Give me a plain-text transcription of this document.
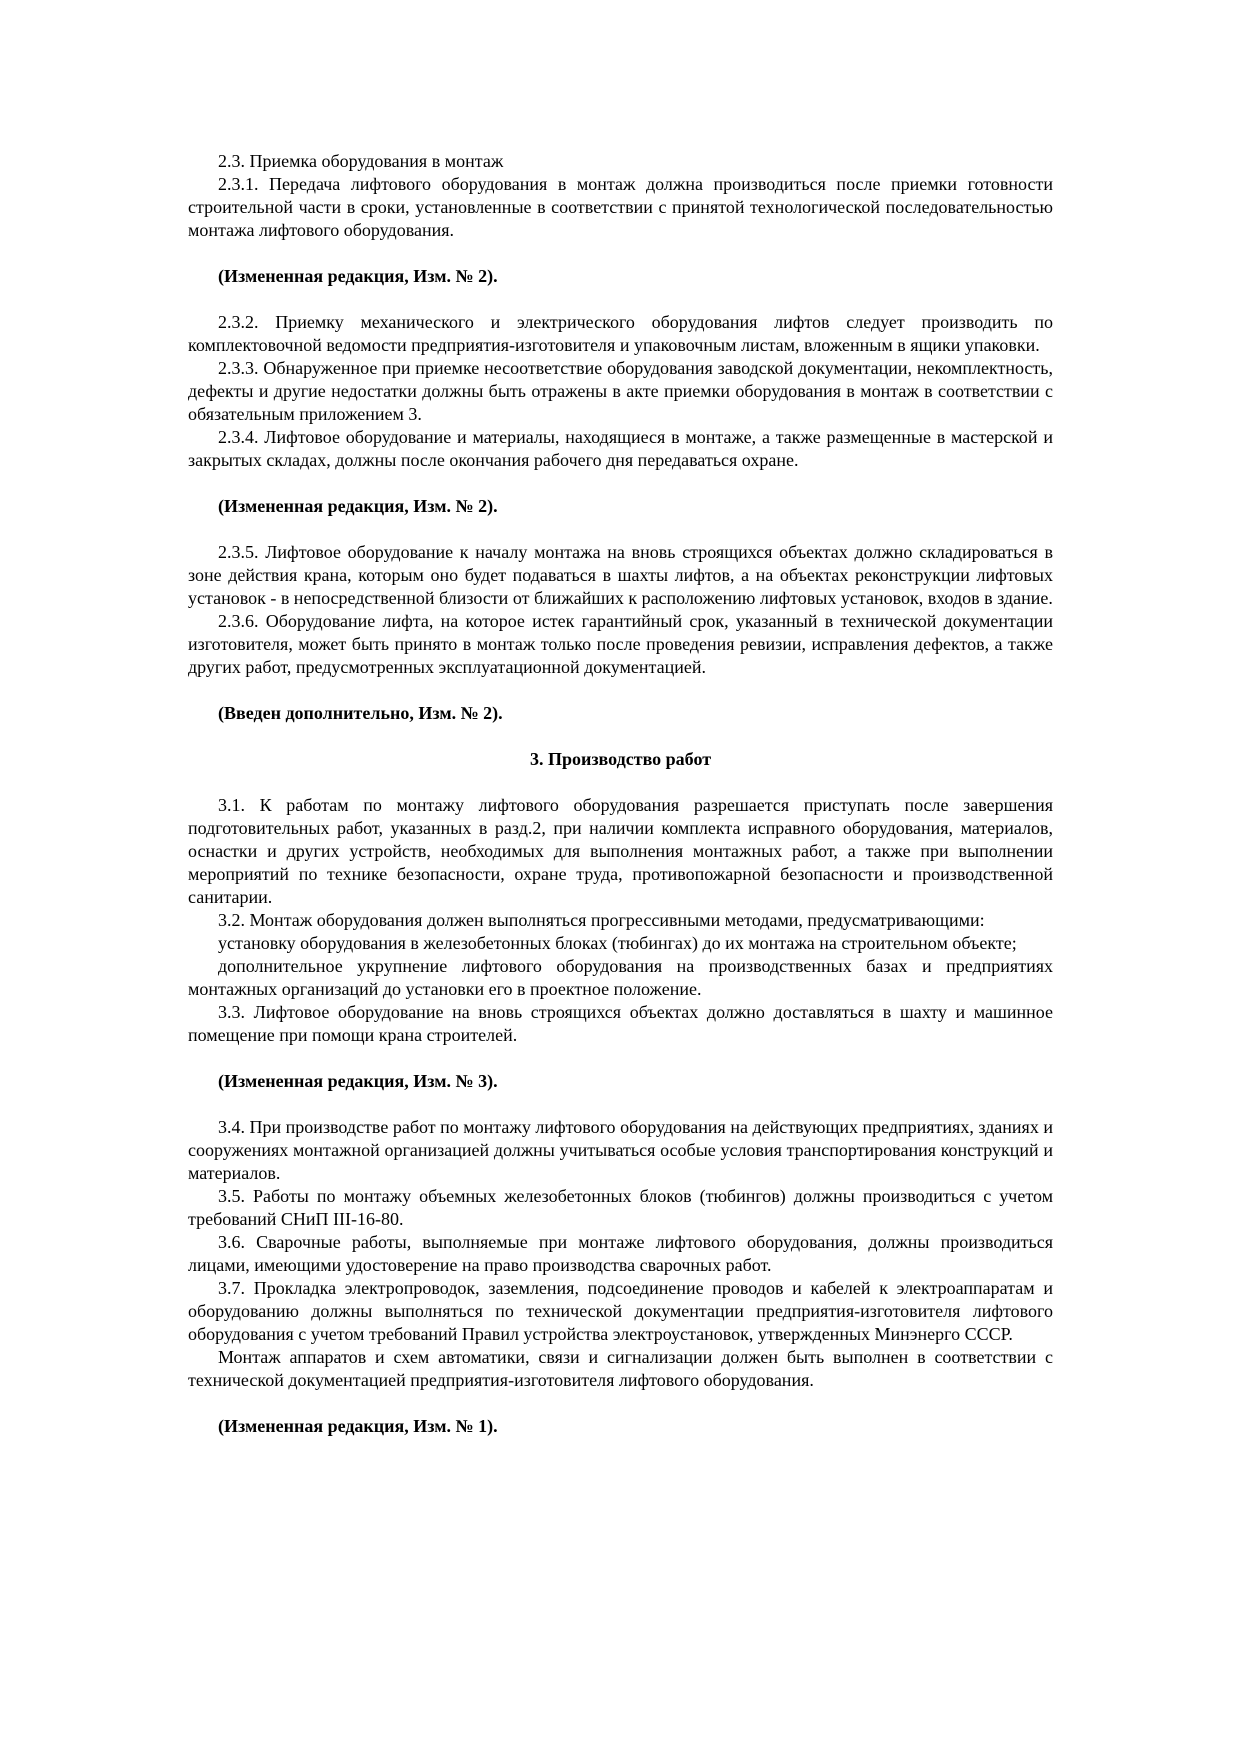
2.3. Приемка оборудования в монтаж

2.3.1. Передача лифтового оборудования в монтаж должна производиться после приемки готовности строительной части в сроки, установленные в соответствии с принятой технологической последовательностью монтажа лифтового оборудования.

(Измененная редакция, Изм. № 2).

2.3.2. Приемку механического и электрического оборудования лифтов следует производить по комплектовочной ведомости предприятия-изготовителя и упаковочным листам, вложенным в ящики упаковки.

2.3.3. Обнаруженное при приемке несоответствие оборудования заводской документации, некомплектность, дефекты и другие недостатки должны быть отражены в акте приемки оборудования в монтаж в соответствии с обязательным приложением 3.

2.3.4. Лифтовое оборудование и материалы, находящиеся в монтаже, а также размещенные в мастерской и закрытых складах, должны после окончания рабочего дня передаваться охране.

(Измененная редакция, Изм. № 2).

2.3.5. Лифтовое оборудование к началу монтажа на вновь строящихся объектах должно складироваться в зоне действия крана, которым оно будет подаваться в шахты лифтов, а на объектах реконструкции лифтовых установок - в непосредственной близости от ближайших к расположению лифтовых установок, входов в здание.

2.3.6. Оборудование лифта, на которое истек гарантийный срок, указанный в технической документации изготовителя, может быть принято в монтаж только после проведения ревизии, исправления дефектов, а также других работ, предусмотренных эксплуатационной документацией.

(Введен дополнительно, Изм. № 2).

3. Производство работ

3.1. К работам по монтажу лифтового оборудования разрешается приступать после завершения подготовительных работ, указанных в разд.2, при наличии комплекта исправного оборудования, материалов, оснастки и других устройств, необходимых для выполнения монтажных работ, а также при выполнении мероприятий по технике безопасности, охране труда, противопожарной безопасности и производственной санитарии.

3.2. Монтаж оборудования должен выполняться прогрессивными методами, предусматривающими:

установку оборудования в железобетонных блоках (тюбингах) до их монтажа на строительном объекте;

дополнительное укрупнение лифтового оборудования на производственных базах и предприятиях монтажных организаций до установки его в проектное положение.

3.3. Лифтовое оборудование на вновь строящихся объектах должно доставляться в шахту и машинное помещение при помощи крана строителей.

(Измененная редакция, Изм. № 3).

3.4. При производстве работ по монтажу лифтового оборудования на действующих предприятиях, зданиях и сооружениях монтажной организацией должны учитываться особые условия транспортирования конструкций и материалов.

3.5. Работы по монтажу объемных железобетонных блоков (тюбингов) должны производиться с учетом требований СНиП III-16-80.

3.6. Сварочные работы, выполняемые при монтаже лифтового оборудования, должны производиться лицами, имеющими удостоверение на право производства сварочных работ.

3.7. Прокладка электропроводок, заземления, подсоединение проводов и кабелей к электроаппаратам и оборудованию должны выполняться по технической документации предприятия-изготовителя лифтового оборудования с учетом требований Правил устройства электроустановок, утвержденных Минэнерго СССР.

Монтаж аппаратов и схем автоматики, связи и сигнализации должен быть выполнен в соответствии с технической документацией предприятия-изготовителя лифтового оборудования.

(Измененная редакция, Изм. № 1).
